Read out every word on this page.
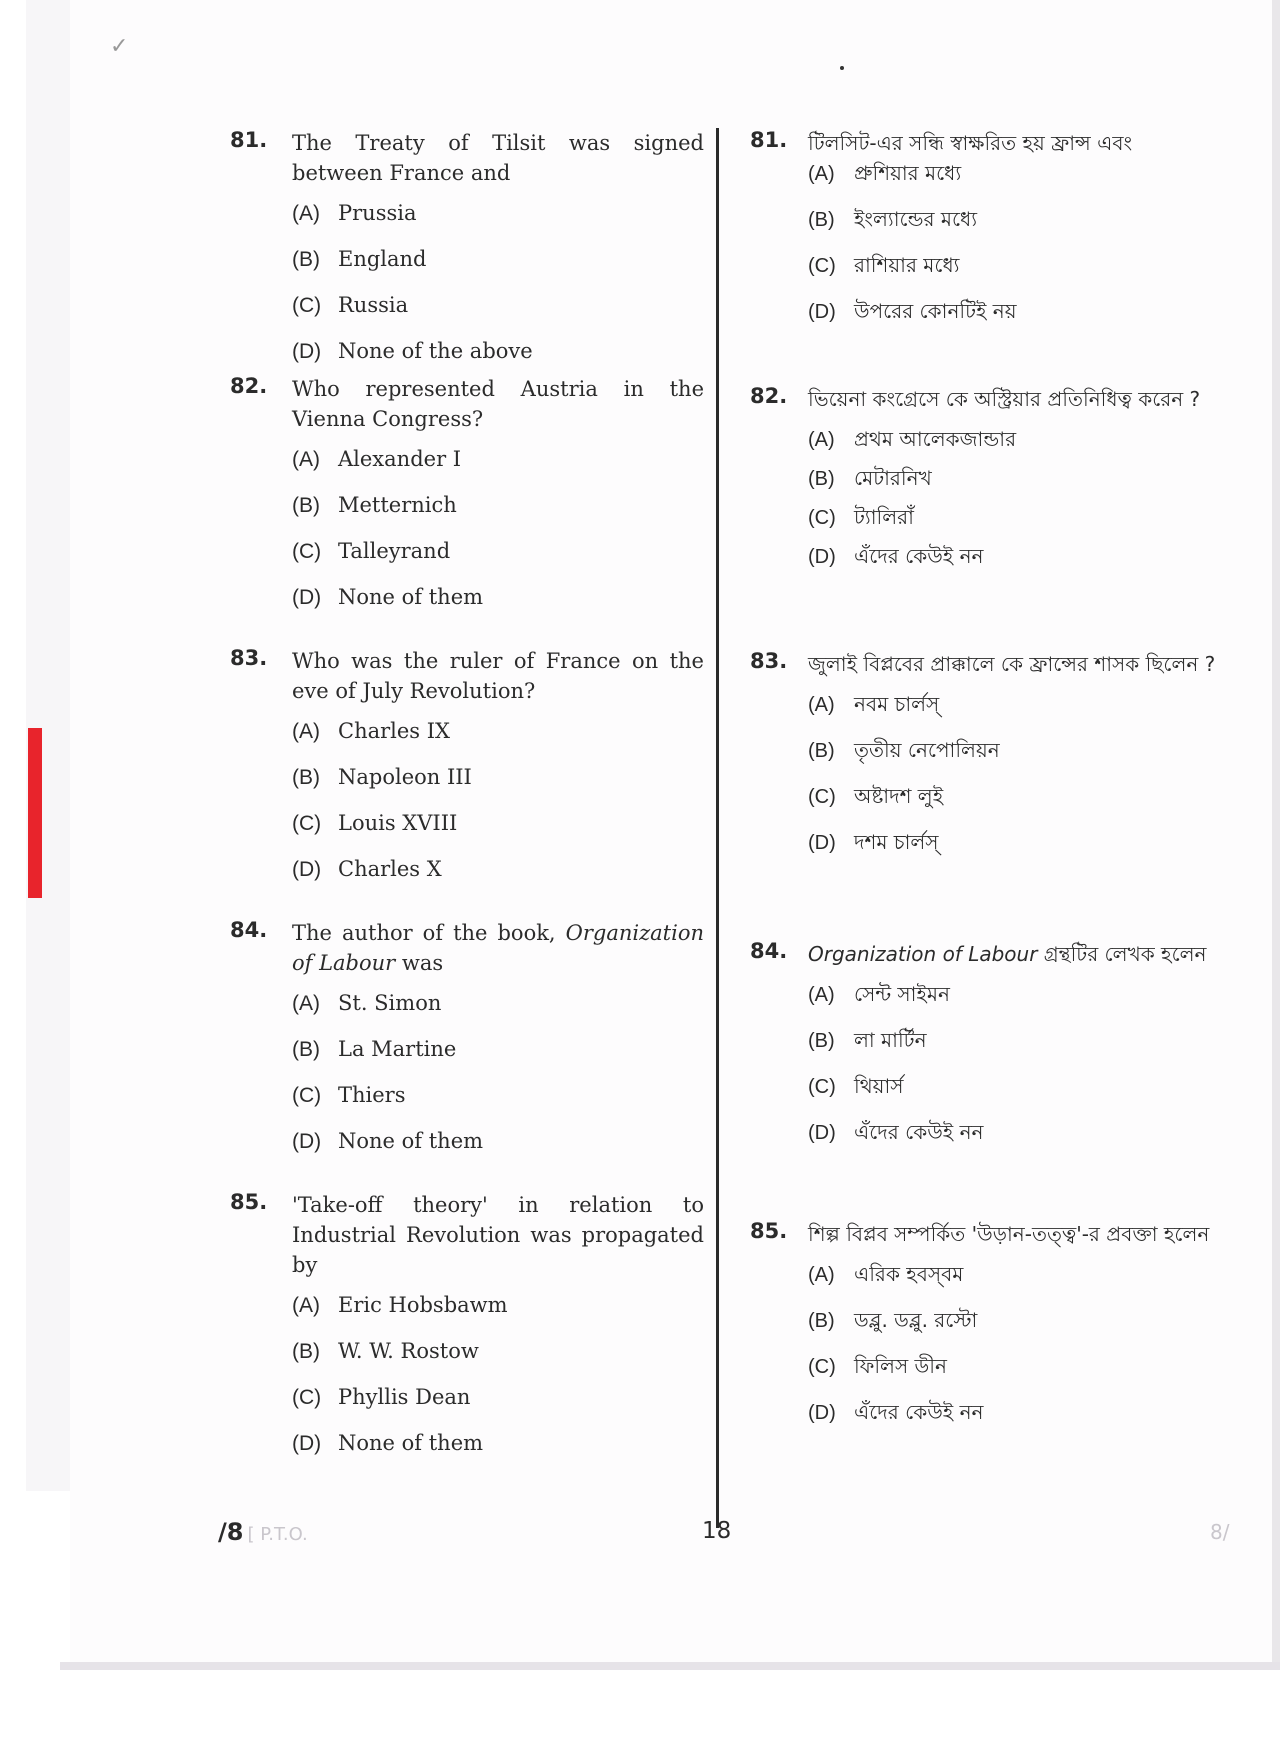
✓
81. The Treaty of Tilsit was signed between France and
(A) Prussia
(B) England
(C) Russia
(D) None of the above
82. Who represented Austria in the Vienna Congress?
(A) Alexander I
(B) Metternich
(C) Talleyrand
(D) None of them
83. Who was the ruler of France on the eve of July Revolution?
(A) Charles IX
(B) Napoleon III
(C) Louis XVIII
(D) Charles X
84. The author of the book, Organization of Labour was
(A) St. Simon
(B) La Martine
(C) Thiers
(D) None of them
85. 'Take-off theory' in relation to Industrial Revolution was propagated by
(A) Eric Hobsbawm
(B) W. W. Rostow
(C) Phyllis Dean
(D) None of them
81. টিলসিট-এর সন্ধি স্বাক্ষরিত হয় ফ্রান্স এবং
(A) প্রুশিয়ার মধ্যে
(B) ইংল্যান্ডের মধ্যে
(C) রাশিয়ার মধ্যে
(D) উপরের কোনটিই নয়
82. ভিয়েনা কংগ্রেসে কে অস্ট্রিয়ার প্রতিনিধিত্ব করেন ?
(A) প্রথম আলেকজান্ডার
(B) মেটারনিখ
(C) ট্যালিরাঁ
(D) এঁদের কেউই নন
83. জুলাই বিপ্লবের প্রাক্কালে কে ফ্রান্সের শাসক ছিলেন ?
(A) নবম চার্লস্
(B) তৃতীয় নেপোলিয়ন
(C) অষ্টাদশ লুই
(D) দশম চার্লস্
84. Organization of Labour গ্রন্থটির লেখক হলেন
(A) সেন্ট সাইমন
(B) লা মার্টিন
(C) থিয়ার্স
(D) এঁদের কেউই নন
85. শিল্প বিপ্লব সম্পর্কিত 'উড়ান-তত্ত্ব'-র প্রবক্তা হলেন
(A) এরিক হবস্‌বম
(B) ডব্লু. ডব্লু. রস্টো
(C) ফিলিস ডীন
(D) এঁদের কেউই নন
/8 [ P.T.O.	18	8/
